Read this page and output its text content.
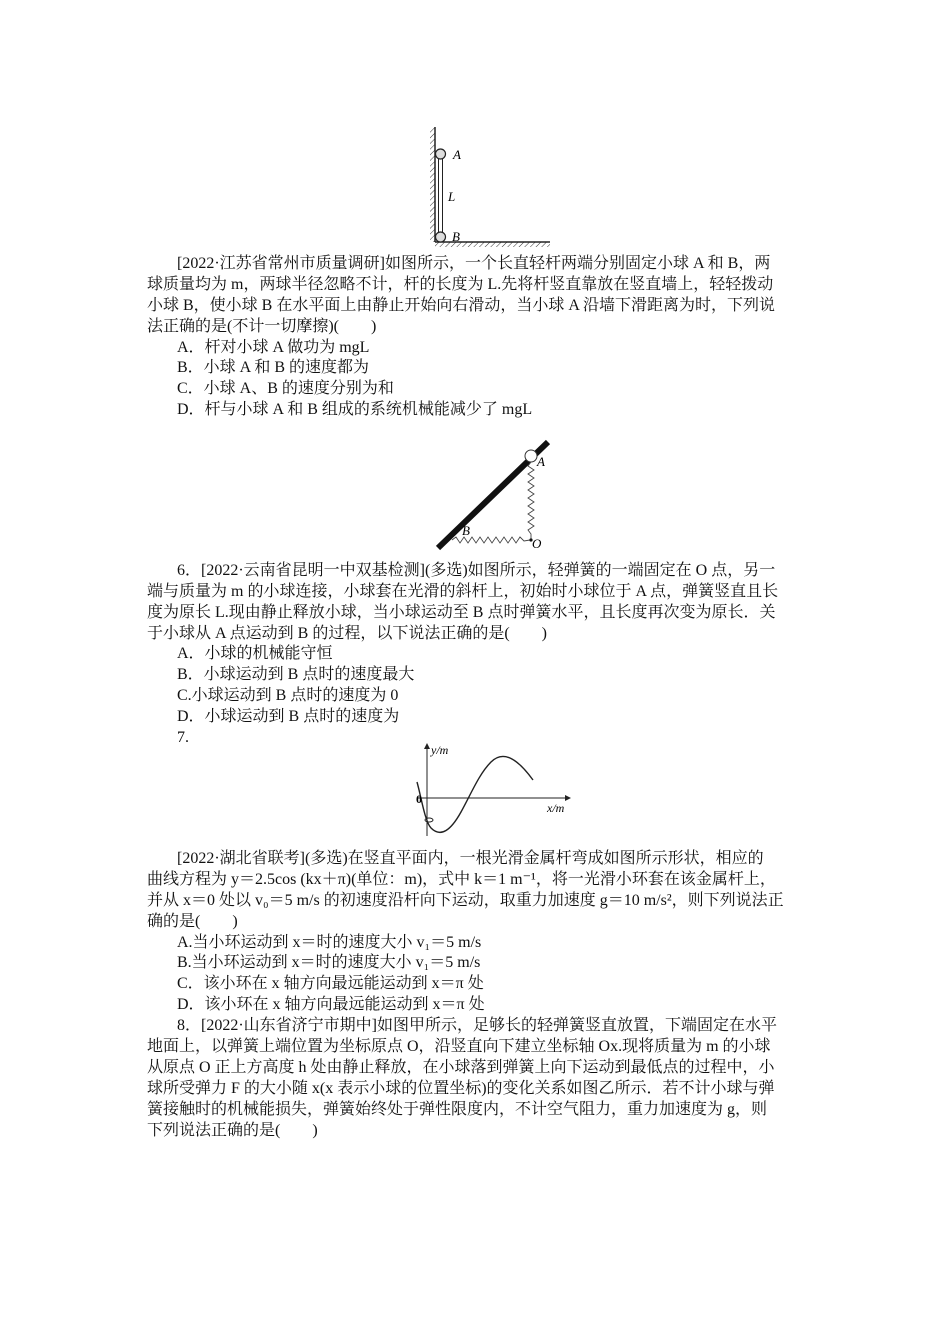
A
L
B
[2022·江苏省常州市质量调研]如图所示，一个长直轻杆两端分别固定小球 A 和 B，两
球质量均为 m，两球半径忽略不计，杆的长度为 L.先将杆竖直靠放在竖直墙上，轻轻拨动
小球 B，使小球 B 在水平面上由静止开始向右滑动，当小球 A 沿墙下滑距离为时，下列说
法正确的是(不计一切摩擦)(　　)
A．杆对小球 A 做功为 mgL
B．小球 A 和 B 的速度都为
C．小球 A、B 的速度分别为和
D．杆与小球 A 和 B 组成的系统机械能减少了 mgL
A
B
O
6．[2022·云南省昆明一中双基检测](多选)如图所示，轻弹簧的一端固定在 O 点，另一
端与质量为 m 的小球连接，小球套在光滑的斜杆上，初始时小球位于 A 点，弹簧竖直且长
度为原长 L.现由静止释放小球，当小球运动至 B 点时弹簧水平，且长度再次变为原长．关
于小球从 A 点运动到 B 的过程，以下说法正确的是(　　)
A．小球的机械能守恒
B．小球运动到 B 点时的速度最大
C.小球运动到 B 点时的速度为 0
D．小球运动到 B 点时的速度为
7.
y/m
x/m
0
[2022·湖北省联考](多选)在竖直平面内，一根光滑金属杆弯成如图所示形状，相应的
曲线方程为 y＝2.5cos (kx＋π)(单位：m)，式中 k＝1 m⁻¹，将一光滑小环套在该金属杆上，
并从 x＝0 处以 v₀＝5 m/s 的初速度沿杆向下运动，取重力加速度 g＝10 m/s²，则下列说法正
确的是(　　)
A.当小环运动到 x＝时的速度大小 v₁＝5 m/s
B.当小环运动到 x＝时的速度大小 v₁＝5 m/s
C．该小环在 x 轴方向最远能运动到 x＝π 处
D．该小环在 x 轴方向最远能运动到 x＝π 处
8．[2022·山东省济宁市期中]如图甲所示，足够长的轻弹簧竖直放置，下端固定在水平
地面上，以弹簧上端位置为坐标原点 O，沿竖直向下建立坐标轴 Ox.现将质量为 m 的小球
从原点 O 正上方高度 h 处由静止释放，在小球落到弹簧上向下运动到最低点的过程中，小
球所受弹力 F 的大小随 x(x 表示小球的位置坐标)的变化关系如图乙所示．若不计小球与弹
簧接触时的机械能损失，弹簧始终处于弹性限度内，不计空气阻力，重力加速度为 g，则
下列说法正确的是(　　)
